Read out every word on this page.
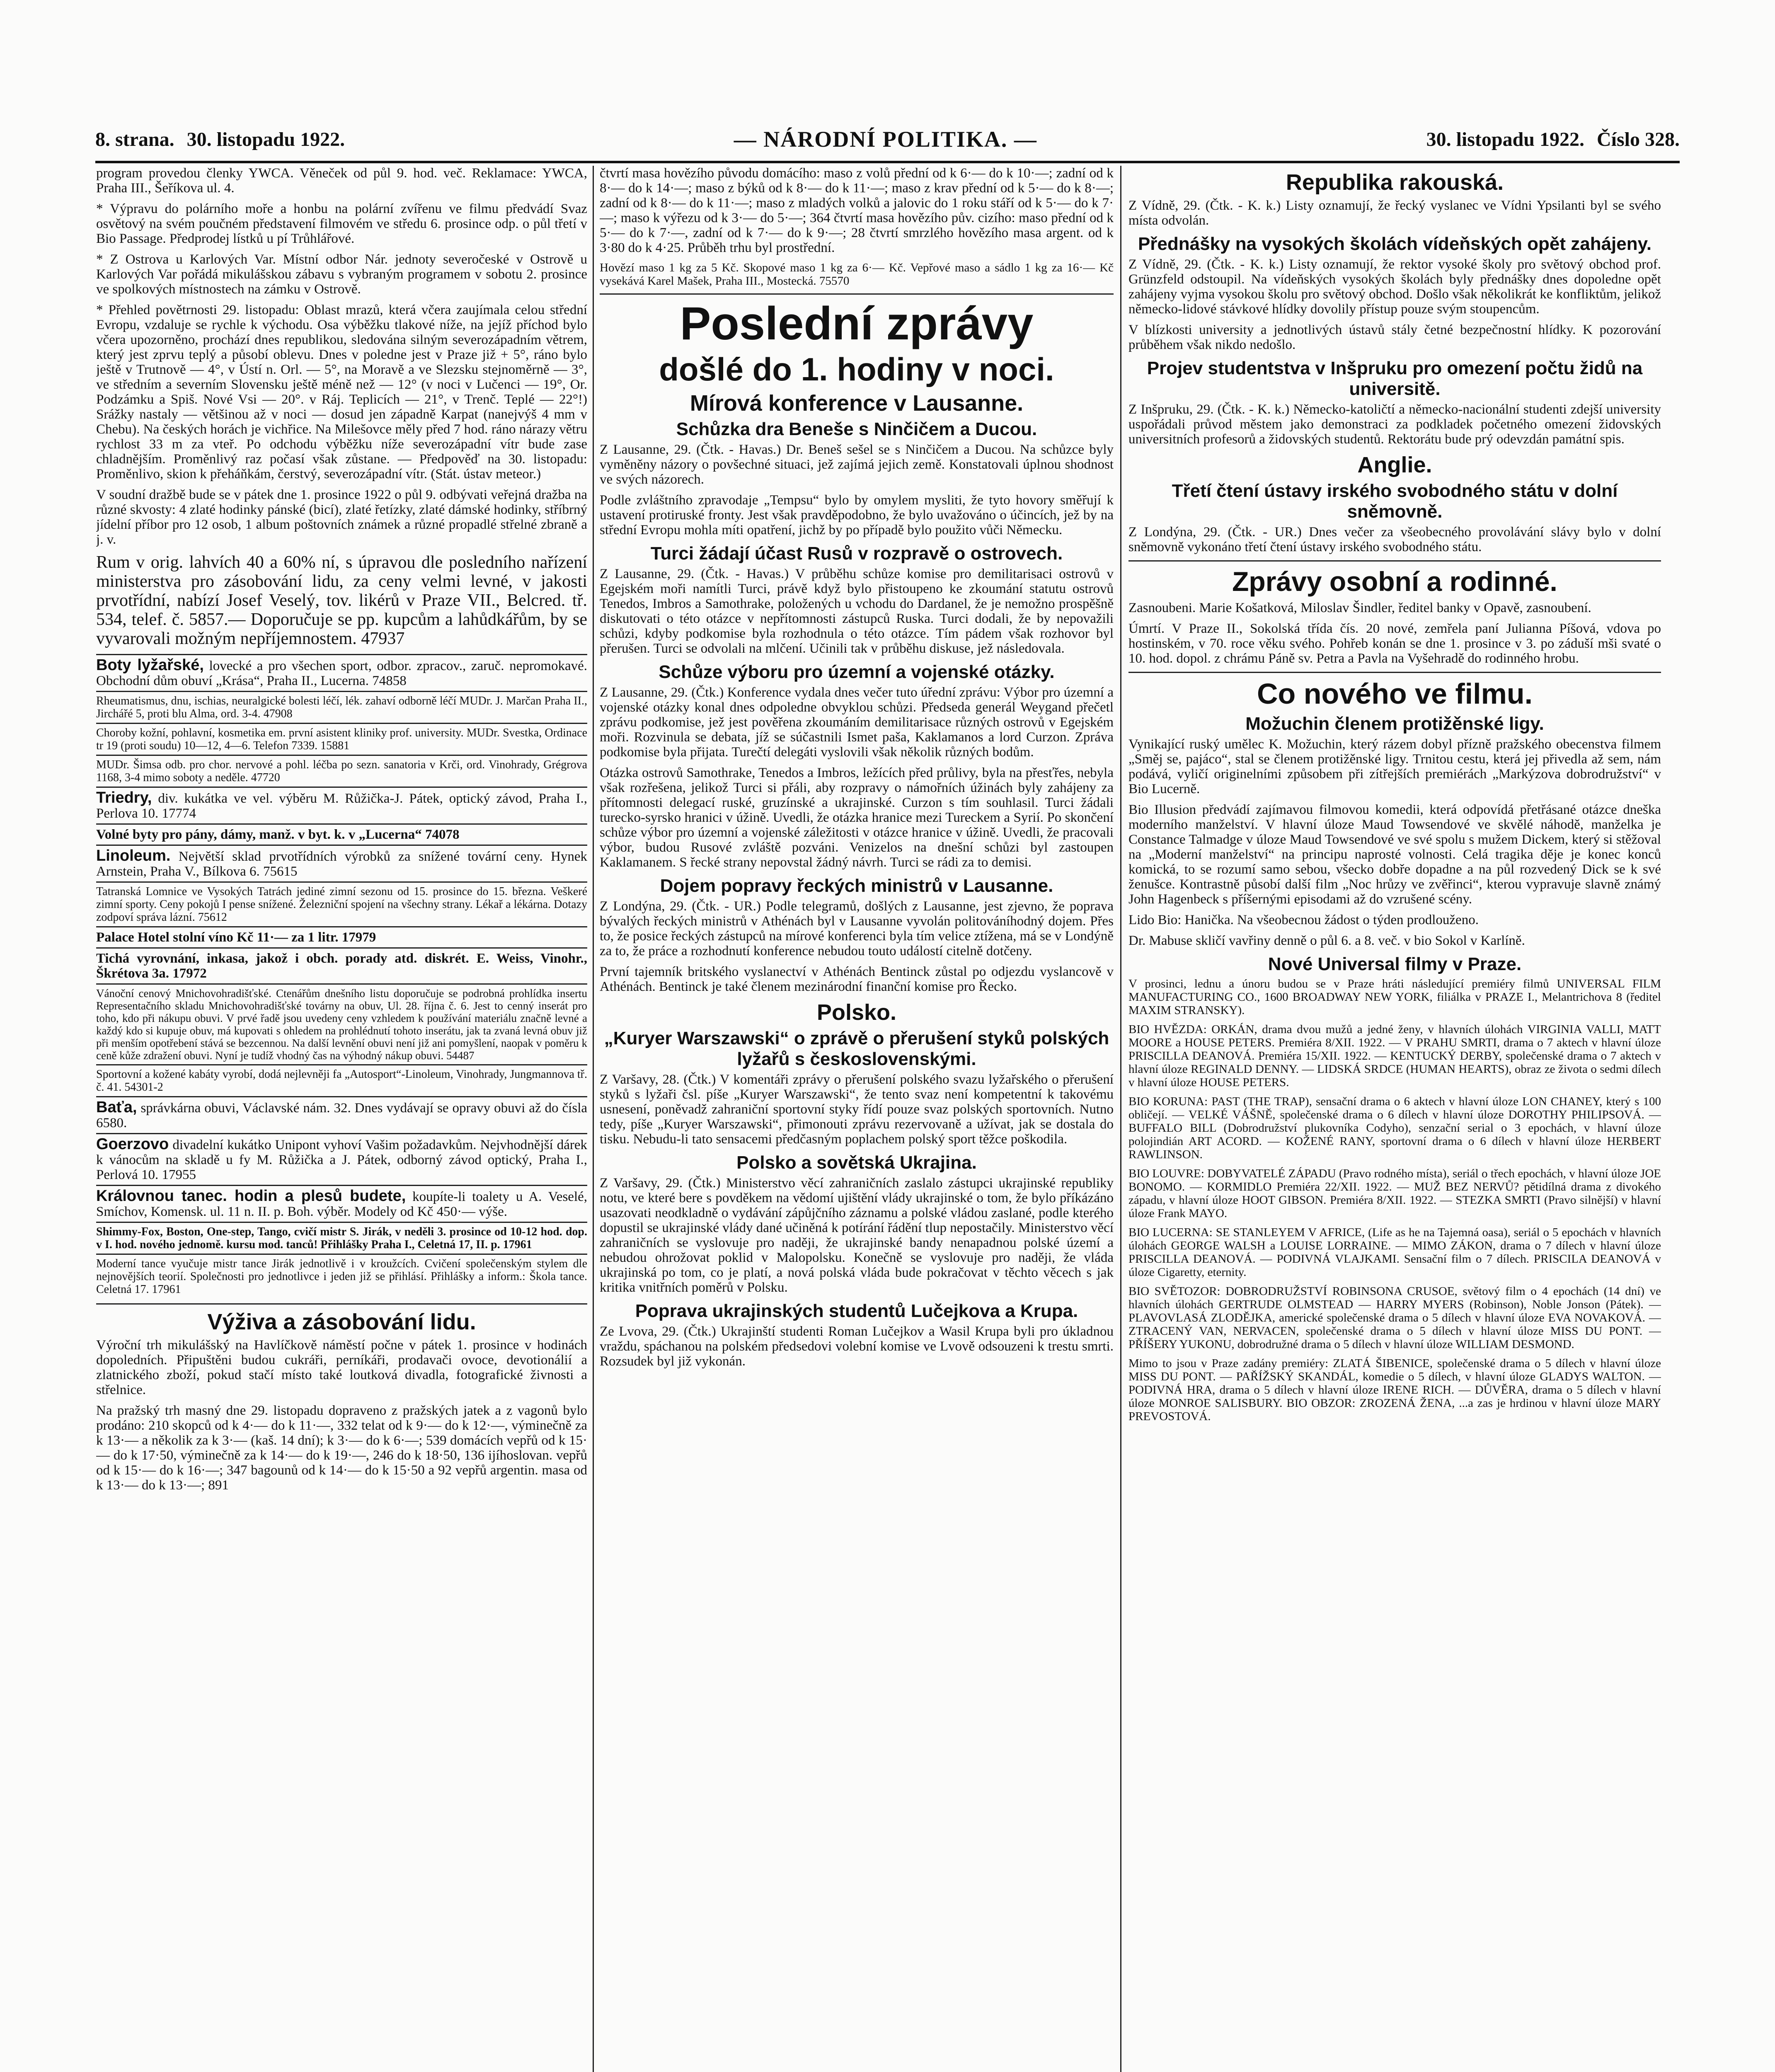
8. strana. 30. listopadu 1922.	— NÁRODNÍ POLITIKA. —	30. listopadu 1922. Číslo 328.

program provedou členky YWCA. Věneček od půl 9. hod. več. Reklamace: YWCA, Praha III., Šeříkova ul. 4.

* Výpravu do polárního moře a honbu na polární zvířenu ve filmu předvádí Svaz osvětový na svém poučném představení filmovém ve středu 6. prosince odp. o půl třetí v Bio Passage. Předprodej lístků u pí Trůhlářové.

* Z Ostrova u Karlových Var. Místní odbor Nár. jednoty severočeské v Ostrově u Karlových Var pořádá mikulášskou zábavu s vybraným programem v sobotu 2. prosince ve spolkových místnostech na zámku v Ostrově.

* Přehled povětrnosti 29. listopadu: Oblast mrazů, která včera zaujímala celou střední Evropu, vzdaluje se rychle k východu. Osa výběžku tlakové níže, na jejíž příchod bylo včera upozorněno, prochází dnes republikou, sledována silným severozápadním větrem, který jest zprvu teplý a působí oblevu. Dnes v poledne jest v Praze již + 5°, ráno bylo ještě v Trutnově — 4°, v Ústí n. Orl. — 5°, na Moravě a ve Slezsku stejnoměrně — 3°, ve středním a severním Slovensku ještě méně než — 12° (v noci v Lučenci — 19°, Or. Podzámku a Spiš. Nové Vsi — 20°. v Ráj. Teplicích — 21°, v Trenč. Teplé — 22°!) Srážky nastaly — většinou až v noci — dosud jen západně Karpat (nanejvýš 4 mm v Chebu). Na českých horách je vichřice. Na Milešovce měly před 7 hod. ráno nárazy větru rychlost 33 m za vteř. Po odchodu výběžku níže severozápadní vítr bude zase chladnějším. Proměnlivý raz počasí však zůstane. — Předpověď na 30. listopadu: Proměnlivo, skion k přeháňkám, čerstvý, severozápadní vítr. (Stát. ústav meteor.)

V soudní dražbě bude se v pátek dne 1. prosince 1922 o půl 9. odbývati veřejná dražba na různé skvosty: 4 zlaté hodinky pánské (bicí), zlaté řetízky, zlaté dámské hodinky, stříbrný jídelní příbor pro 12 osob, 1 album poštovních známek a různé propadlé střelné zbraně a j. v.

Rum v orig. lahvích 40 a 60% ní, s úpravou dle posledního nařízení ministerstva pro zásobování lidu, za ceny velmi levné, v jakosti prvotřídní, nabízí Josef Veselý, tov. likérů v Praze VII., Belcred. tř. 534, telef. č. 5857.— Doporučuje se pp. kupcům a lahůdkářům, by se vyvarovali možným nepříjemnostem. 47937

Boty lyžařské, lovecké a pro všechen sport, odbor. zpracov., zaruč. nepromokavé. Obchodní dům obuví „Krása“, Praha II., Lucerna. 74858

Rheumatismus, dnu, ischias, neuralgické bolesti léčí, lék. zahaví odborně léčí MUDr. J. Marčan Praha II., Jirchářé 5, proti blu Alma, ord. 3-4. 47908

Choroby kožní, pohlavní, kosmetika em. první asistent kliniky prof. university. MUDr. Svestka, Ordinace tr 19 (proti soudu) 10—12, 4—6. Telefon 7339. 15881

MUDr. Šimsa odb. pro chor. nervové a pohl. léčba po sezn. sanatoria v Krči, ord. Vinohrady, Grégrova 1168, 3-4 mimo soboty a neděle. 47720

Triedry, div. kukátka ve vel. výběru M. Růžička-J. Pátek, optický závod, Praha I., Perlova 10. 17774

Volné byty pro pány, dámy, manž. v byt. k. v „Lucerna“ 74078

Linoleum. Největší sklad prvotřídních výrobků za snížené tovární ceny. Hynek Arnstein, Praha V., Bílkova 6. 75615

Tatranská Lomnice ve Vysokých Tatrách jediné zimní sezonu od 15. prosince do 15. března. Veškeré zimní sporty. Ceny pokojů I pense snížené. Železniční spojení na všechny strany. Lékař a lékárna. Dotazy zodpoví správa lázní. 75612

Palace Hotel stolní víno Kč 11·— za 1 litr. 17979

Tichá vyrovnání, inkasa, jakož i obch. porady atd. diskrét. E. Weiss, Vinohr., Škrétova 3a. 17972

Vánoční cenový Mnichovohradišťské. Ctenářům dnešního listu doporučuje se podrobná prohlídka insertu Representačního skladu Mnichovohradišťské továrny na obuv, Ul. 28. října č. 6. Jest to cenný inserát pro toho, kdo při nákupu obuvi. V prvé řadě jsou uvedeny ceny vzhledem k používání materiálu značně levné a každý kdo si kupuje obuv, má kupovati s ohledem na prohlédnutí tohoto inserátu, jak ta zvaná levná obuv již při menším opotřebení stává se bezcennou. Na další levnění obuvi není již ani pomyšlení, naopak v poměru k ceně kůže zdražení obuvi. Nyní je tudíž vhodný čas na výhodný nákup obuvi. 54487

Sportovní a kožené kabáty vyrobí, dodá nejlevněji fa „Autosport“-Linoleum, Vinohrady, Jungmannova tř. č. 41. 54301-2

Baťa, správkárna obuvi, Václavské nám. 32. Dnes vydávají se opravy obuvi až do čísla 6580.

Goerzovo divadelní kukátko Unipont vyhoví Vašim požadavkům. Nejvhodnější dárek k vánocům na skladě u fy M. Růžička a J. Pátek, odborný závod optický, Praha I., Perlová 10. 17955

Královnou tanec. hodin a plesů budete, koupíte-li toalety u A. Veselé, Smíchov, Komensk. ul. 11 n. II. p. Boh. výběr. Modely od Kč 450·— výše.

Shimmy-Fox, Boston, One-step, Tango, cvičí mistr S. Jirák, v neděli 3. prosince od 10-12 hod. dop. v I. hod. nového jednomě. kursu mod. tanců! Přihlášky Praha I., Celetná 17, II. p. 17961

Moderní tance vyučuje mistr tance Jirák jednotlivě i v kroužcích. Cvičení společenským stylem dle nejnovějších teorií. Společnosti pro jednotlivce i jeden již se přihlásí. Přihlášky a inform.: Škola tance. Celetná 17. 17961

Výživa a zásobování lidu.

Výroční trh mikulášský na Havlíčkově náměstí počne v pátek 1. prosince v hodinách dopoledních. Připuštěni budou cukráři, perníkáři, prodavači ovoce, devotionálií a zlatnického zboží, pokud stačí místo také loutková divadla, fotografické živnosti a střelnice.

Na pražský trh masný dne 29. listopadu dopraveno z pražských jatek a z vagonů bylo prodáno: 210 skopců od k 4·— do k 11·—, 332 telat od k 9·— do k 12·—, výminečně za k 13·— a několik za k 3·— (kaš. 14 dní); k 3·— do k 6·—; 539 domácích vepřů od k 15·— do k 17·50, výminečně za k 14·— do k 19·—, 246 do k 18·50, 136 ijíhoslovan. vepřů od k 15·— do k 16·—; 347 bagounů od k 14·— do k 15·50 a 92 vepřů argentin. masa od k 13·— do k 13·—; 891

čtvrtí masa hovězího původu domácího: maso z volů přední od k 6·— do k 10·—; zadní od k 8·— do k 14·—; maso z býků od k 8·— do k 11·—; maso z krav přední od k 5·— do k 8·—; zadní od k 8·— do k 11·—; maso z mladých volků a jalovic do 1 roku stáří od k 5·— do k 7·—; maso k výřezu od k 3·— do 5·—; 364 čtvrtí masa hovězího pův. cizího: maso přední od k 5·— do k 7·—, zadní od k 7·— do k 9·—; 28 čtvrtí smrzlého hovězího masa argent. od k 3·80 do k 4·25. Průběh trhu byl prostřední.

Hovězí maso 1 kg za 5 Kč. Skopové maso 1 kg za 6·— Kč. Vepřové maso a sádlo 1 kg za 16·— Kč vysekává Karel Mašek, Praha III., Mostecká. 75570

Poslední zprávy
došlé do 1. hodiny v noci.
Mírová konference v Lausanne.
Schůzka dra Beneše s Ninčičem a Ducou.

Z Lausanne, 29. (Čtk. - Havas.) Dr. Beneš sešel se s Ninčičem a Ducou. Na schůzce byly vyměněny názory o povšechné situaci, jež zajímá jejich země. Konstatovali úplnou shodnost ve svých názorech.

Podle zvláštního zpravodaje „Tempsu“ bylo by omylem mysliti, že tyto hovory směřují k ustavení protiruské fronty. Jest však pravděpodobno, že bylo uvažováno o účincích, jež by na střední Evropu mohla míti opatření, jichž by po případě bylo použito vůči Německu.

Turci žádají účast Rusů v rozpravě o ostrovech.

Z Lausanne, 29. (Čtk. - Havas.) V průběhu schůze komise pro demilitarisaci ostrovů v Egejském moři namítli Turci, právě když bylo přistoupeno ke zkoumání statutu ostrovů Tenedos, Imbros a Samothrake, položených u vchodu do Dardanel, že je nemožno prospěšně diskutovati o této otázce v nepřítomnosti zástupců Ruska. Turci dodali, že by nepovažili schůzi, kdyby podkomise byla rozhodnula o této otázce. Tím pádem však rozhovor byl přerušen. Turci se odvolali na mlčení. Učinili tak v průběhu diskuse, jež následovala.

Schůze výboru pro územní a vojenské otázky.

Z Lausanne, 29. (Čtk.) Konference vydala dnes večer tuto úřední zprávu: Výbor pro územní a vojenské otázky konal dnes odpoledne obvyklou schůzi. Předseda generál Weygand přečetl zprávu podkomise, jež jest pověřena zkoumáním demilitarisace různých ostrovů v Egejském moři. Rozvinula se debata, jíž se súčastnili Ismet paša, Kaklamanos a lord Curzon. Zpráva podkomise byla přijata. Turečtí delegáti vyslovili však několik různých bodům.

Otázka ostrovů Samothrake, Tenedos a Imbros, ležících před průlivy, byla na přesťřes, nebyla však rozřešena, jelikož Turci si přáli, aby rozpravy o námořních úžinách byly zahájeny za přítomnosti delegací ruské, gruzínské a ukrajinské. Curzon s tím souhlasil. Turci žádali turecko-syrsko hranici v úžině. Uvedli, že otázka hranice mezi Tureckem a Syrií. Po skončení schůze výbor pro územní a vojenské záležitosti v otázce hranice v úžině. Uvedli, že pracovali výbor, budou Rusové zvláště pozváni. Venizelos na dnešní schůzi byl zastoupen Kaklamanem. S řecké strany nepovstal žádný návrh. Turci se rádi za to demisi.

Dojem popravy řeckých ministrů v Lausanne.

Z Londýna, 29. (Čtk. - UR.) Podle telegramů, došlých z Lausanne, jest zjevno, že poprava bývalých řeckých ministrů v Athénách byl v Lausanne vyvolán politováníhodný dojem. Přes to, že posice řeckých zástupců na mírové konferenci byla tím velice ztížena, má se v Londýně za to, že práce a rozhodnutí konference nebudou touto událostí citelně dotčeny.

První tajemník britského vyslanectví v Athénách Bentinck zůstal po odjezdu vyslancově v Athénách. Bentinck je také členem mezinárodní finanční komise pro Řecko.

Polsko.
„Kuryer Warszawski“ o zprávě o přerušení styků polských lyžařů s československými.

Z Varšavy, 28. (Čtk.) V komentáři zprávy o přerušení polského svazu lyžařského o přerušení styků s lyžaři čsl. píše „Kuryer Warszawski“, že tento svaz není kompetentní k takovému usnesení, poněvadž zahraniční sportovní styky řídí pouze svaz polských sportovních. Nutno tedy, píše „Kuryer Warszawski“, přimonouti zprávu rezervovaně a užívat, jak se dostala do tisku. Nebudu-li tato sensacemi předčasným poplachem polský sport těžce poškodila.

Polsko a sovětská Ukrajina.

Z Varšavy, 29. (Čtk.) Ministerstvo věcí zahraničních zaslalo zástupci ukrajinské republiky notu, ve které bere s povděkem na vědomí ujištění vlády ukrajinské o tom, že bylo příkázáno usazovati neodkladně o vydávání zápůjčního záznamu a polské vládou zaslané, podle kterého dopustil se ukrajinské vlády dané učiněná k potírání řádění tlup nepostačily. Ministerstvo věcí zahraničních se vyslovuje pro naději, že ukrajinské bandy nenapadnou polské území a nebudou ohrožovat poklid v Malopolsku. Konečně se vyslovuje pro naději, že vláda ukrajinská po tom, co je platí, a nová polská vláda bude pokračovat v těchto věcech s jak kritika vnitřních poměrů v Polsku.

Poprava ukrajinských studentů Lučejkova a Krupa.

Ze Lvova, 29. (Čtk.) Ukrajinští studenti Roman Lučejkov a Wasil Krupa byli pro úkladnou vraždu, spáchanou na polském předsedovi volební komise ve Lvově odsouzeni k trestu smrti. Rozsudek byl již vykonán.

Republika rakouská.

Z Vídně, 29. (Čtk. - K. k.) Listy oznamují, že řecký vyslanec ve Vídni Ypsilanti byl se svého místa odvolán.

Přednášky na vysokých školách vídeňských opět zahájeny.

Z Vídně, 29. (Čtk. - K. k.) Listy oznamují, že rektor vysoké školy pro světový obchod prof. Grünzfeld odstoupil. Na vídeňských vysokých školách byly přednášky dnes dopoledne opět zahájeny vyjma vysokou školu pro světový obchod. Došlo však několikrát ke konfliktům, jelikož německo-lidové stávkové hlídky dovolily přístup pouze svým stoupencům.

V blízkosti university a jednotlivých ústavů stály četné bezpečnostní hlídky. K pozorování průběhem však nikdo nedošlo.

Projev studentstva v Inšpruku pro omezení počtu židů na universitě.

Z Inšpruku, 29. (Čtk. - K. k.) Německo-katoličtí a německo-nacionální studenti zdejší university uspořádali průvod městem jako demonstraci za podkladek početného omezení židovských universitních profesorů a židovských studentů. Rektorátu bude prý odevzdán památní spis.

Anglie.
Třetí čtení ústavy irského svobodného státu v dolní sněmovně.

Z Londýna, 29. (Čtk. - UR.) Dnes večer za všeobecného provolávání slávy bylo v dolní sněmovně vykonáno třetí čtení ústavy irského svobodného státu.

Zprávy osobní a rodinné.

Zasnoubeni. Marie Košatková, Miloslav Šindler, ředitel banky v Opavě, zasnoubení.

Úmrtí. V Praze II., Sokolská třída čís. 20 nové, zemřela paní Julianna Píšová, vdova po hostinském, v 70. roce věku svého. Pohřeb konán se dne 1. prosince v 3. po záduší mši svaté o 10. hod. dopol. z chrámu Páně sv. Petra a Pavla na Vyšehradě do rodinného hrobu.

Co nového ve filmu.
Možuchin členem protižěnské ligy.

Vynikající ruský umělec K. Možuchin, který rázem dobyl přízně pražského obecenstva filmem „Směj se, pajáco“, stal se členem protižěnské ligy. Trnitou cestu, která jej přivedla až sem, nám podává, vyličí originelními způsobem při zítřejších premiérách „Markýzova dobrodružství“ v Bio Lucerně.

Bio Illusion předvádí zajímavou filmovou komedii, která odpovídá přetřásané otázce dneška moderního manželství. V hlavní úloze Maud Towsendové ve skvělé náhodě, manželka je Constance Talmadge v úloze Maud Towsendové ve své spolu s mužem Dickem, který si stěžoval na „Moderní manželství“ na principu naprosté volnosti. Celá tragika děje je konec konců komická, to se rozumí samo sebou, všecko dobře dopadne a na půl rozvedený Dick se k své ženušce. Kontrastně působí další film „Noc hrůzy ve zvěřinci“, kterou vypravuje slavně známý John Hagenbeck s příšernými episodami až do vzrušené scény.

Lido Bio: Hanička. Na všeobecnou žádost o týden prodlouženo.

Dr. Mabuse skličí vavřiny denně o půl 6. a 8. več. v bio Sokol v Karlíně.

Nové Universal filmy v Praze.

V prosinci, lednu a únoru budou se v Praze hráti následující premiéry filmů UNIVERSAL FILM MANUFACTURING CO., 1600 BROADWAY NEW YORK, filiálka v PRAZE I., Melantrichova 8 (ředitel MAXIM STRANSKY).

BIO HVĚZDA: ORKÁN, drama dvou mužů a jedné ženy, v hlavních úlohách VIRGINIA VALLI, MATT MOORE a HOUSE PETERS. Premiéra 8/XII. 1922. — V PRAHU SMRTI, drama o 7 aktech v hlavní úloze PRISCILLA DEANOVÁ. Premiéra 15/XII. 1922. — KENTUCKÝ DERBY, společenské drama o 7 aktech v hlavní úloze REGINALD DENNY. — LIDSKÁ SRDCE (HUMAN HEARTS), obraz ze života o sedmi dílech v hlavní úloze HOUSE PETERS.

BIO KORUNA: PAST (THE TRAP), sensační drama o 6 aktech v hlavní úloze LON CHANEY, který s 100 obličejí. — VELKÉ VÁŠNĚ, společenské drama o 6 dílech v hlavní úloze DOROTHY PHILIPSOVÁ. — BUFFALO BILL (Dobrodružství plukovníka Codyho), senzační serial o 3 epochách, v hlavní úloze polojindián ART ACORD. — KOŽENÉ RANY, sportovní drama o 6 dílech v hlavní úloze HERBERT RAWLINSON.

BIO LOUVRE: DOBYVATELÉ ZÁPADU (Pravo rodného místa), seriál o třech epochách, v hlavní úloze JOE BONOMO. — KORMIDLO Premiéra 22/XII. 1922. — MUŽ BEZ NERVŮ? pětidílná drama z divokého západu, v hlavní úloze HOOT GIBSON. Premiéra 8/XII. 1922. — STEZKA SMRTI (Pravo silnější) v hlavní úloze Frank MAYO.

BIO LUCERNA: SE STANLEYEM V AFRICE, (Life as he na Tajemná oasa), seriál o 5 epochách v hlavních úlohách GEORGE WALSH a LOUISE LORRAINE. — MIMO ZÁKON, drama o 7 dílech v hlavní úloze PRISCILLA DEANOVÁ. — PODIVNÁ VLAJKAMI. Sensační film o 7 dílech. PRISCILA DEANOVÁ v úloze Cigaretty, eternity.

BIO SVĚTOZOR: DOBRODRUŽSTVÍ ROBINSONA CRUSOE, světový film o 4 epochách (14 dní) ve hlavních úlohách GERTRUDE OLMSTEAD — HARRY MYERS (Robinson), Noble Jonson (Pátek). — PLAVOVLASÁ ZLODĚJKA, americké společenské drama o 5 dílech v hlavní úloze EVA NOVAKOVÁ. — ZTRACENÝ VAN, NERVACEN, společenské drama o 5 dílech v hlavní úloze MISS DU PONT. — PŘÍŠERY YUKONU, dobrodružné drama o 5 dílech v hlavní úloze WILLIAM DESMOND.

Mimo to jsou v Praze zadány premiéry: ZLATÁ ŠIBENICE, společenské drama o 5 dílech v hlavní úloze MISS DU PONT. — PAŘÍŽSKÝ SKANDÁL, komedie o 5 dílech, v hlavní úloze GLADYS WALTON. — PODIVNÁ HRA, drama o 5 dílech v hlavní úloze IRENE RICH. — DŮVĚRA, drama o 5 dílech v hlavní úloze MONROE SALISBURY. BIO OBZOR: ZROZENÁ ŽENA, ...a zas je hrdinou v hlavní úloze MARY PREVOSTOVÁ.
